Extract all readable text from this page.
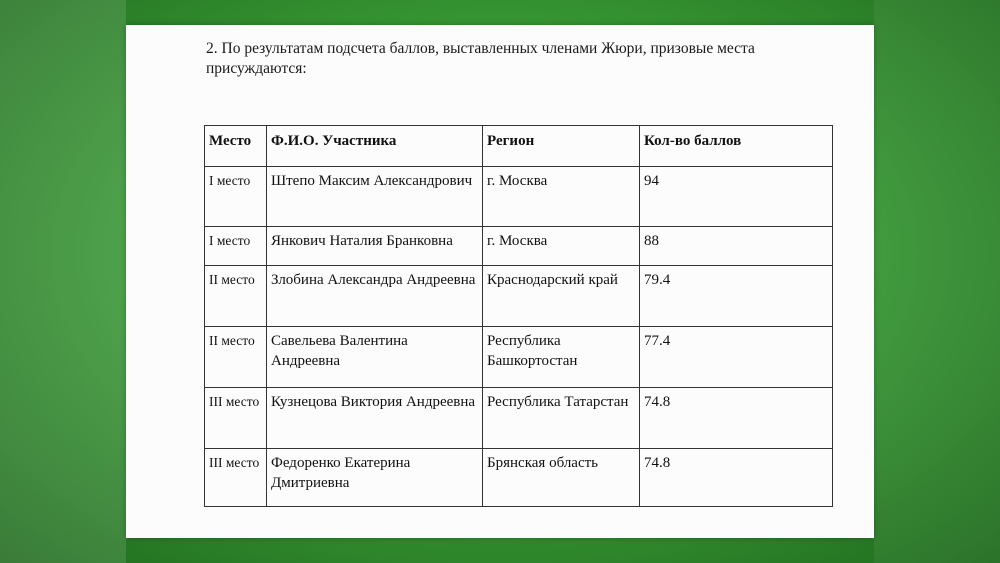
2. По результатам подсчета баллов, выставленных членами Жюри, призовые места присуждаются:
Место	Ф.И.О. Участника	Регион	Кол-во баллов
I место	Штепо Максим Александрович	г. Москва	94
I место	Янкович Наталия Бранковна	г. Москва	88
II место	Злобина Александра Андреевна	Краснодарский край	79.4
II место	Савельева Валентина Андреевна	Республика Башкортостан	77.4
III место	Кузнецова Виктория Андреевна	Республика Татарстан	74.8
III место	Федоренко Екатерина Дмитриевна	Брянская область	74.8
